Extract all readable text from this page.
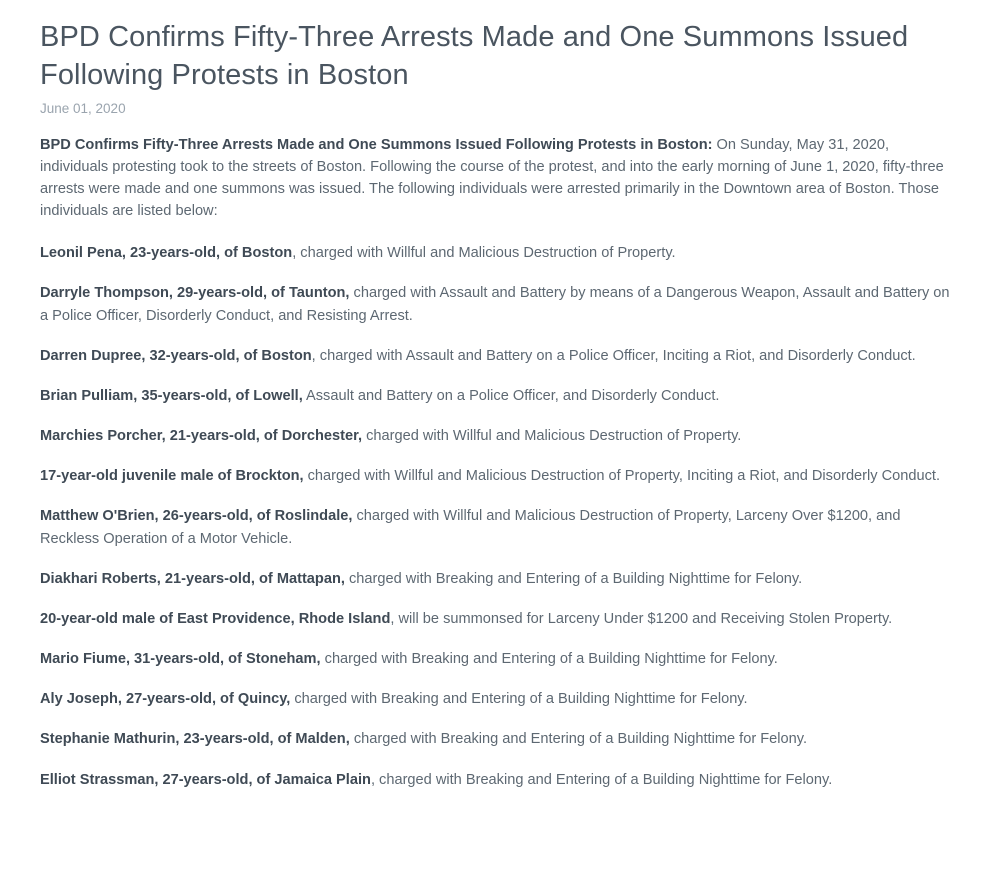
BPD Confirms Fifty-Three Arrests Made and One Summons Issued Following Protests in Boston
June 01, 2020

BPD Confirms Fifty-Three Arrests Made and One Summons Issued Following Protests in Boston: On Sunday, May 31, 2020, individuals protesting took to the streets of Boston. Following the course of the protest, and into the early morning of June 1, 2020, fifty-three arrests were made and one summons was issued. The following individuals were arrested primarily in the Downtown area of Boston. Those individuals are listed below:

Leonil Pena, 23-years-old, of Boston, charged with Willful and Malicious Destruction of Property.

Darryle Thompson, 29-years-old, of Taunton, charged with Assault and Battery by means of a Dangerous Weapon, Assault and Battery on a Police Officer, Disorderly Conduct, and Resisting Arrest.

Darren Dupree, 32-years-old, of Boston, charged with Assault and Battery on a Police Officer, Inciting a Riot, and Disorderly Conduct.

Brian Pulliam, 35-years-old, of Lowell, Assault and Battery on a Police Officer, and Disorderly Conduct.

Marchies Porcher, 21-years-old, of Dorchester, charged with Willful and Malicious Destruction of Property.

17-year-old juvenile male of Brockton, charged with Willful and Malicious Destruction of Property, Inciting a Riot, and Disorderly Conduct.

Matthew O'Brien, 26-years-old, of Roslindale, charged with Willful and Malicious Destruction of Property, Larceny Over $1200, and Reckless Operation of a Motor Vehicle.

Diakhari Roberts, 21-years-old, of Mattapan, charged with Breaking and Entering of a Building Nighttime for Felony.

20-year-old male of East Providence, Rhode Island, will be summonsed for Larceny Under $1200 and Receiving Stolen Property.

Mario Fiume, 31-years-old, of Stoneham, charged with Breaking and Entering of a Building Nighttime for Felony.

Aly Joseph, 27-years-old, of Quincy, charged with Breaking and Entering of a Building Nighttime for Felony.

Stephanie Mathurin, 23-years-old, of Malden, charged with Breaking and Entering of a Building Nighttime for Felony.

Elliot Strassman, 27-years-old, of Jamaica Plain, charged with Breaking and Entering of a Building Nighttime for Felony.
